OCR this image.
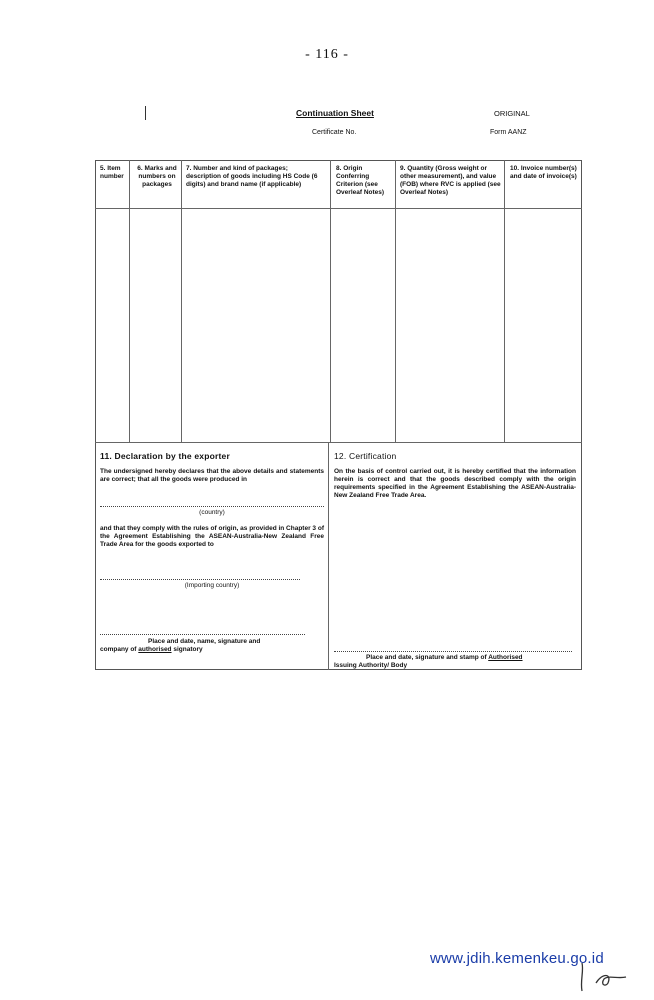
- 116 -
Continuation Sheet	ORIGINAL
Certificate No.	Form AANZ
5. Item number
6. Marks and numbers on packages
7. Number and kind of packages; description of goods including HS Code (6 digits) and brand name (if applicable)
8. Origin Conferring Criterion (see Overleaf Notes)
9. Quantity (Gross weight or other measurement), and value (FOB) where RVC is applied (see Overleaf Notes)
10. Invoice number(s) and date of invoice(s)
11. Declaration by the exporter
The undersigned hereby declares that the above details and statements are correct; that all the goods were produced in
(country)
and that they comply with the rules of origin, as provided in Chapter 3 of the Agreement Establishing the ASEAN-Australia-New Zealand Free Trade Area for the goods exported to
(Importing country)
Place and date, name, signature and
company of authorised signatory
12. Certification
On the basis of control carried out, it is hereby certified that the information herein is correct and that the goods described comply with the origin requirements specified in the Agreement Establishing the ASEAN-Australia-New Zealand Free Trade Area.
Place and date, signature and stamp of Authorised
Issuing Authority/ Body
www.jdih.kemenkeu.go.id
